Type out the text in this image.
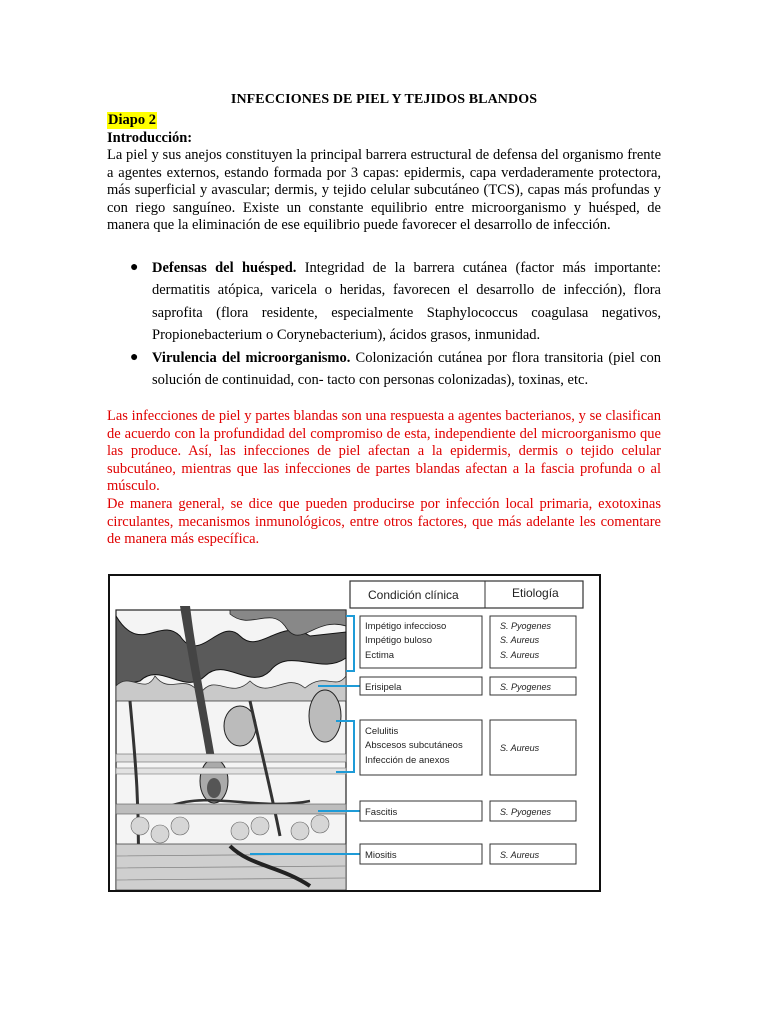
INFECCIONES DE PIEL Y TEJIDOS BLANDOS
Diapo 2
Introducción:

La piel y sus anejos constituyen la principal barrera estructural de defensa del organismo frente a agentes externos, estando formada por 3 capas: epidermis, capa verdaderamente protectora, más superficial y avascular; dermis, y tejido celular subcutáneo (TCS), capas más profundas y con riego sanguíneo. Existe un constante equilibrio entre microorganismo y huésped, de manera que la eliminación de ese equilibrio puede favorecer el desarrollo de infección.

● Defensas del huésped. Integridad de la barrera cutánea (factor más importante: dermatitis atópica, varicela o heridas, favorecen el desarrollo de infección), flora saprofita (flora residente, especialmente Staphylococcus coagulasa negativos, Propionebacterium o Corynebacterium), ácidos grasos, inmunidad.
● Virulencia del microorganismo. Colonización cutánea por flora transitoria (piel con solución de continuidad, con- tacto con personas colonizadas), toxinas, etc.

Las infecciones de piel y partes blandas son una respuesta a agentes bacterianos, y se clasifican de acuerdo con la profundidad del compromiso de esta, independiente del microorganismo que las produce. Así, las infecciones de piel afectan a la epidermis, dermis o tejido celular subcutáneo, mientras que las infecciones de partes blandas afectan a la fascia profunda o al músculo.

De manera general, se dice que pueden producirse por infección local primaria, exotoxinas circulantes, mecanismos inmunológicos, entre otros factores, que más adelante les comentare de manera más específica.

Condición clínica	Etiología
Impétigo infeccioso
Impétigo buloso
Ectima
Erisipela
Celulitis
Abscesos subcutáneos
Infección de anexos
Fascitis
Miositis
S. Pyogenes
S. Aureus
S. Aureus
S. Pyogenes
S. Aureus
S. Pyogenes
S. Aureus
